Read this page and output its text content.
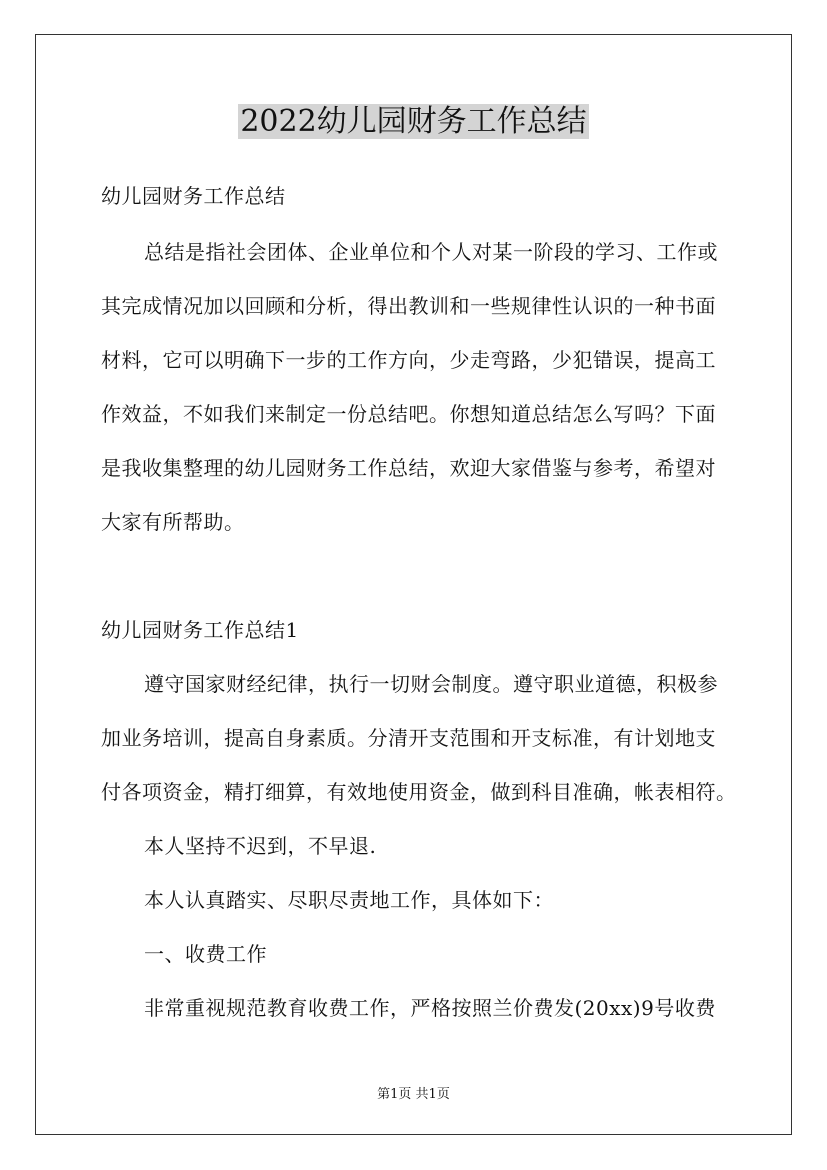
2022幼儿园财务工作总结
幼儿园财务工作总结
总结是指社会团体、企业单位和个人对某一阶段的学习、工作或
其完成情况加以回顾和分析，得出教训和一些规律性认识的一种书面
材料，它可以明确下一步的工作方向，少走弯路，少犯错误，提高工
作效益，不如我们来制定一份总结吧。你想知道总结怎么写吗？下面
是我收集整理的幼儿园财务工作总结，欢迎大家借鉴与参考，希望对
大家有所帮助。
幼儿园财务工作总结1
遵守国家财经纪律，执行一切财会制度。遵守职业道德，积极参
加业务培训，提高自身素质。分清开支范围和开支标准，有计划地支
付各项资金，精打细算，有效地使用资金，做到科目准确，帐表相符。
本人坚持不迟到，不早退.
本人认真踏实、尽职尽责地工作，具体如下：
一、收费工作
非常重视规范教育收费工作，严格按照兰价费发(20xx)9号收费
第1页 共1页
